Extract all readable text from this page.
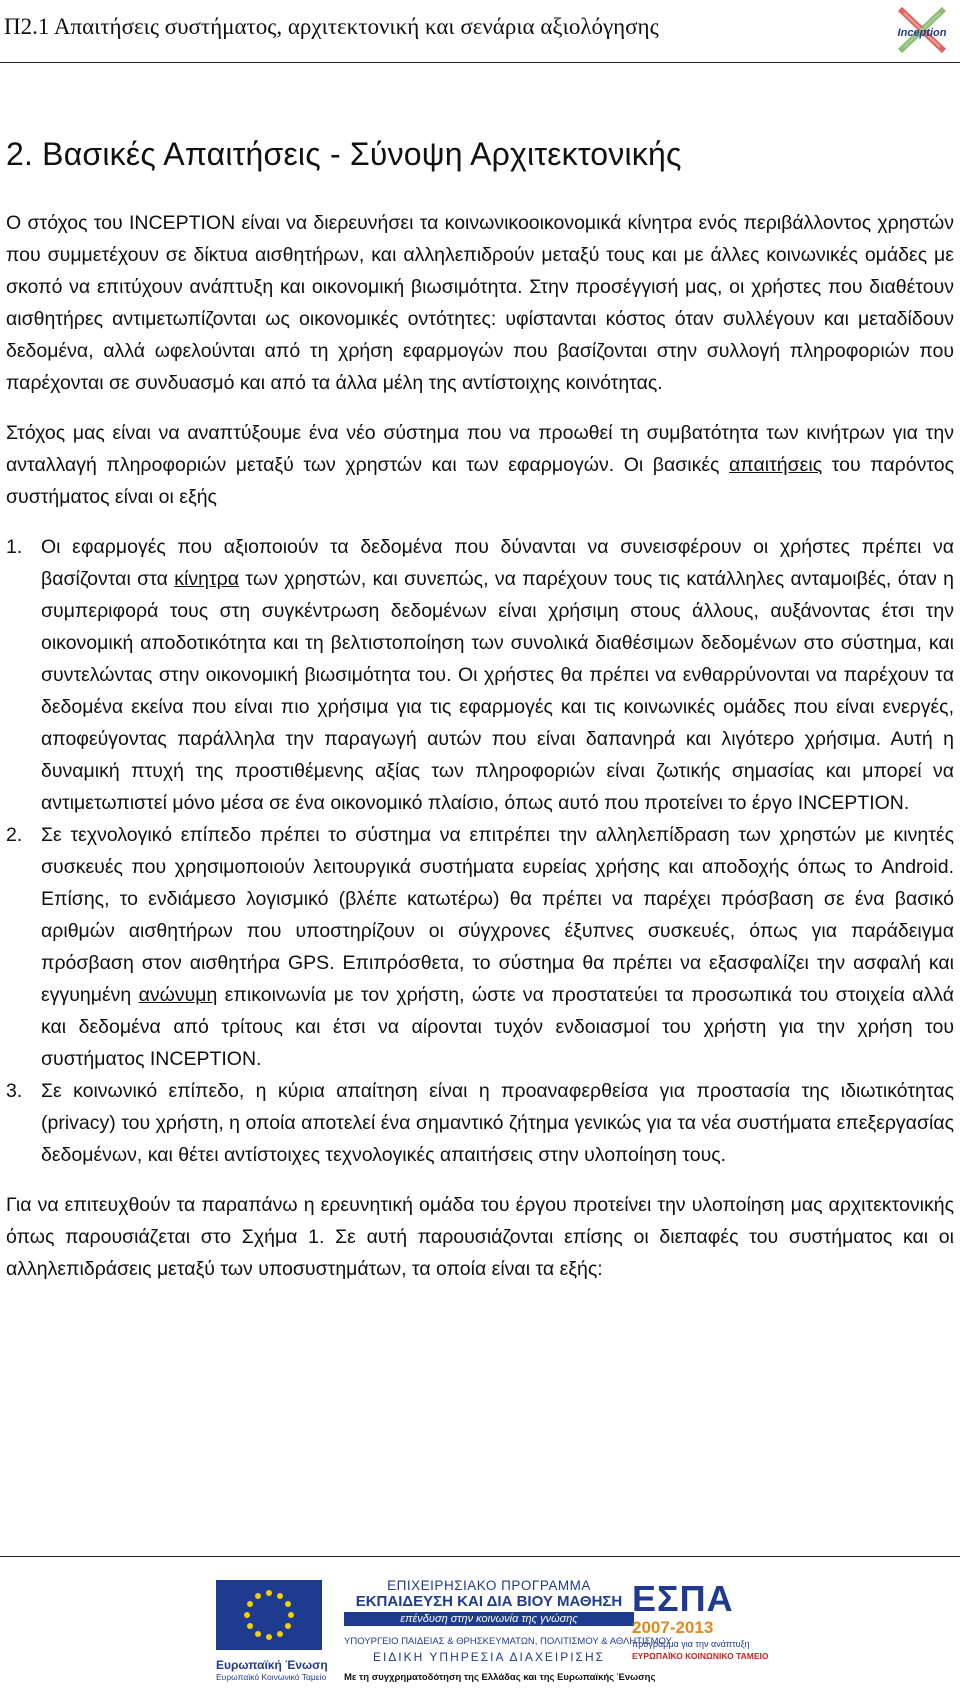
Π2.1 Απαιτήσεις συστήματος, αρχιτεκτονική και σενάρια αξιολόγησης	Inception
2. Βασικές Απαιτήσεις - Σύνοψη Αρχιτεκτονικής

Ο στόχος του INCEPTION είναι να διερευνήσει τα κοινωνικοοικονομικά κίνητρα ενός περιβάλλοντος χρηστών που συμμετέχουν σε δίκτυα αισθητήρων, και αλληλεπιδρούν μεταξύ τους και με άλλες κοινωνικές ομάδες με σκοπό να επιτύχουν ανάπτυξη και οικονομική βιωσιμότητα. Στην προσέγγισή μας, οι χρήστες που διαθέτουν αισθητήρες αντιμετωπίζονται ως οικονομικές οντότητες: υφίστανται κόστος όταν συλλέγουν και μεταδίδουν δεδομένα, αλλά ωφελούνται από τη χρήση εφαρμογών που βασίζονται στην συλλογή πληροφοριών που παρέχονται σε συνδυασμό και από τα άλλα μέλη της αντίστοιχης κοινότητας.

Στόχος μας είναι να αναπτύξουμε ένα νέο σύστημα που να προωθεί τη συμβατότητα των κινήτρων για την ανταλλαγή πληροφοριών μεταξύ των χρηστών και των εφαρμογών. Οι βασικές απαιτήσεις του παρόντος συστήματος είναι οι εξής

1. Οι εφαρμογές που αξιοποιούν τα δεδομένα που δύνανται να συνεισφέρουν οι χρήστες πρέπει να βασίζονται στα κίνητρα των χρηστών, και συνεπώς, να παρέχουν τους τις κατάλληλες ανταμοιβές, όταν η συμπεριφορά τους στη συγκέντρωση δεδομένων είναι χρήσιμη στους άλλους, αυξάνοντας έτσι την οικονομική αποδοτικότητα και τη βελτιστοποίηση των συνολικά διαθέσιμων δεδομένων στο σύστημα, και συντελώντας στην οικονομική βιωσιμότητα του. Οι χρήστες θα πρέπει να ενθαρρύνονται να παρέχουν τα δεδομένα εκείνα που είναι πιο χρήσιμα για τις εφαρμογές και τις κοινωνικές ομάδες που είναι ενεργές, αποφεύγοντας παράλληλα την παραγωγή αυτών που είναι δαπανηρά και λιγότερο χρήσιμα. Αυτή η δυναμική πτυχή της προστιθέμενης αξίας των πληροφοριών είναι ζωτικής σημασίας και μπορεί να αντιμετωπιστεί μόνο μέσα σε ένα οικονομικό πλαίσιο, όπως αυτό που προτείνει το έργο INCEPTION.
2. Σε τεχνολογικό επίπεδο πρέπει το σύστημα να επιτρέπει την αλληλεπίδραση των χρηστών με κινητές συσκευές που χρησιμοποιούν λειτουργικά συστήματα ευρείας χρήσης και αποδοχής όπως το Android. Επίσης, το ενδιάμεσο λογισμικό (βλέπε κατωτέρω) θα πρέπει να παρέχει πρόσβαση σε ένα βασικό αριθμών αισθητήρων που υποστηρίζουν οι σύγχρονες έξυπνες συσκευές, όπως για παράδειγμα πρόσβαση στον αισθητήρα GPS. Επιπρόσθετα, το σύστημα θα πρέπει να εξασφαλίζει την ασφαλή και εγγυημένη ανώνυμη επικοινωνία με τον χρήστη, ώστε να προστατεύει τα προσωπικά του στοιχεία αλλά και δεδομένα από τρίτους και έτσι να αίρονται τυχόν ενδοιασμοί του χρήστη για την χρήση του συστήματος INCEPTION.
3. Σε κοινωνικό επίπεδο, η κύρια απαίτηση είναι η προαναφερθείσα για προστασία της ιδιωτικότητας (privacy) του χρήστη, η οποία αποτελεί ένα σημαντικό ζήτημα γενικώς για τα νέα συστήματα επεξεργασίας δεδομένων, και θέτει αντίστοιχες τεχνολογικές απαιτήσεις στην υλοποίηση τους.

Για να επιτευχθούν τα παραπάνω η ερευνητική ομάδα του έργου προτείνει την υλοποίηση μας αρχιτεκτονικής όπως παρουσιάζεται στο Σχήμα 1. Σε αυτή παρουσιάζονται επίσης οι διεπαφές του συστήματος και οι αλληλεπιδράσεις μεταξύ των υποσυστημάτων, τα οποία είναι τα εξής:

Ευρωπαϊκή Ένωση
Ευρωπαϊκό Κοινωνικό Ταμείο
ΕΠΙΧΕΙΡΗΣΙΑΚΟ ΠΡΟΓΡΑΜΜΑ
ΕΚΠΑΙΔΕΥΣΗ ΚΑΙ ΔΙΑ ΒΙΟΥ ΜΑΘΗΣΗ
επένδυση στην κοινωνία της γνώσης
ΥΠΟΥΡΓΕΙΟ ΠΑΙΔΕΙΑΣ & ΘΡΗΣΚΕΥΜΑΤΩΝ, ΠΟΛΙΤΙΣΜΟΥ & ΑΘΛΗΤΙΣΜΟΥ
ΕΙΔΙΚΗ ΥΠΗΡΕΣΙΑ ΔΙΑΧΕΙΡΙΣΗΣ
Με τη συγχρηματοδότηση της Ελλάδας και της Ευρωπαϊκής Ένωσης
ΕΣΠΑ
2007-2013
πρόγραμμα για την ανάπτυξη
ΕΥΡΩΠΑΪΚΟ ΚΟΙΝΩΝΙΚΟ ΤΑΜΕΙΟ
